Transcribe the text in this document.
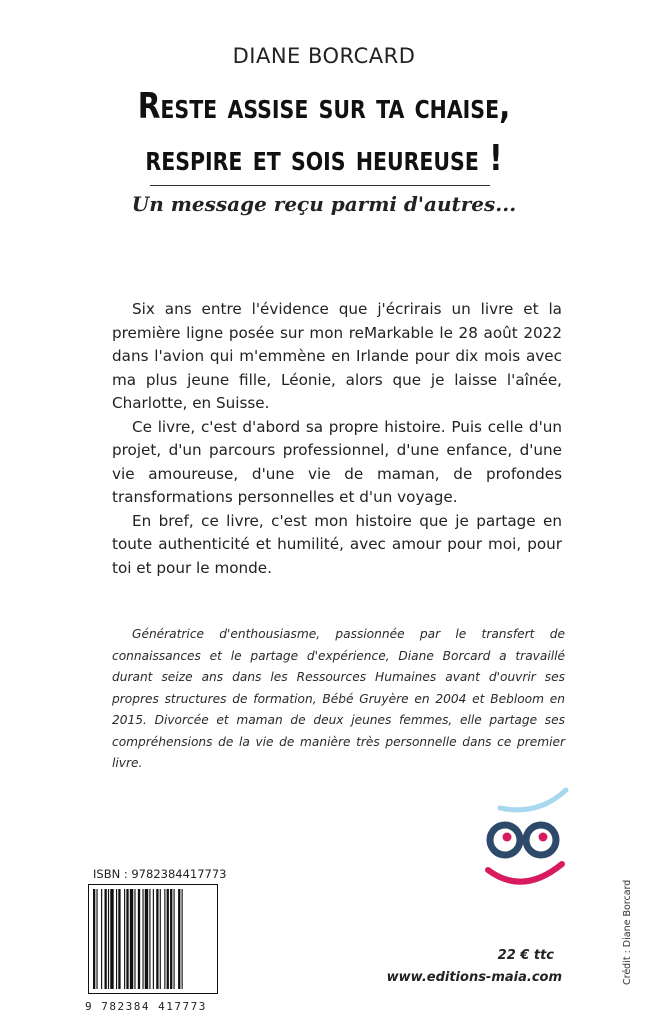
DIANE BORCARD
Reste assise sur ta chaise,
respire et sois heureuse !
Un message reçu parmi d'autres...

Six ans entre l'évidence que j'écrirais un livre et la première ligne posée sur mon reMarkable le 28 août 2022 dans l'avion qui m'emmène en Irlande pour dix mois avec ma plus jeune fille, Léonie, alors que je laisse l'aînée, Charlotte, en Suisse.

Ce livre, c'est d'abord sa propre histoire. Puis celle d'un projet, d'un parcours professionnel, d'une enfance, d'une vie amoureuse, d'une vie de maman, de profondes transformations personnelles et d'un voyage.

En bref, ce livre, c'est mon histoire que je partage en toute authenticité et humilité, avec amour pour moi, pour toi et pour le monde.

Génératrice d'enthousiasme, passionnée par le transfert de connaissances et le partage d'expérience, Diane Borcard a travaillé durant seize ans dans les Ressources Humaines avant d'ouvrir ses propres structures de formation, Bébé Gruyère en 2004 et Bebloom en 2015. Divorcée et maman de deux jeunes femmes, elle partage ses compréhensions de la vie de manière très personnelle dans ce premier livre.

ISBN : 9782384417773
9 782384 417773
22 € ttc
www.editions-maia.com	Crédit : Diane Borcard
